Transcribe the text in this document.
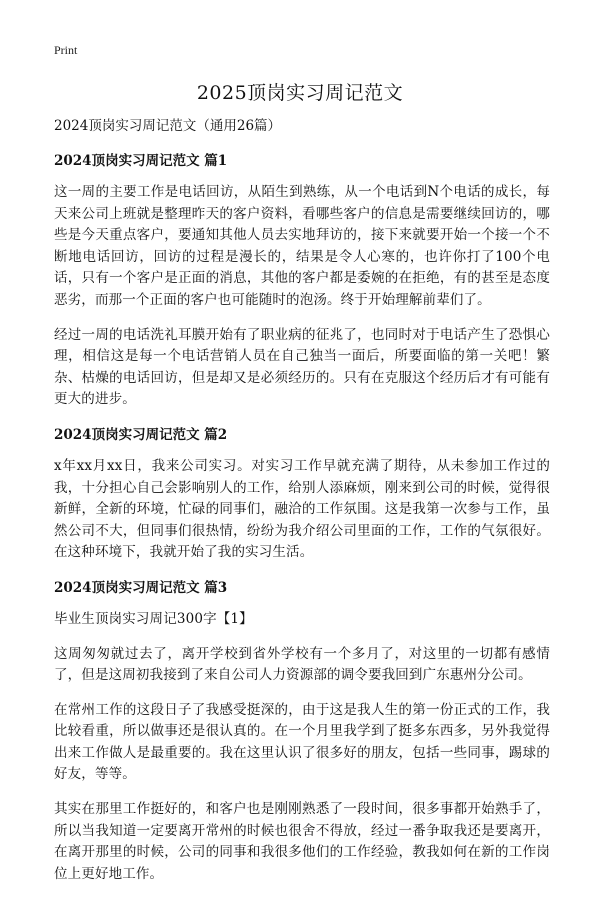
Print
2025顶岗实习周记范文

2024顶岗实习周记范文（通用26篇）

2024顶岗实习周记范文 篇1

这一周的主要工作是电话回访，从陌生到熟练，从一个电话到N个电话的成长，每天来公司上班就是整理昨天的客户资料，看哪些客户的信息是需要继续回访的，哪些是今天重点客户，要通知其他人员去实地拜访的，接下来就要开始一个接一个不断地电话回访，回访的过程是漫长的，结果是令人心寒的，也许你打了100个电话，只有一个客户是正面的消息，其他的客户都是委婉的在拒绝，有的甚至是态度恶劣，而那一个正面的客户也可能随时的泡汤。终于开始理解前辈们了。

经过一周的电话洗礼耳膜开始有了职业病的征兆了，也同时对于电话产生了恐惧心理，相信这是每一个电话营销人员在自己独当一面后，所要面临的第一关吧！繁杂、枯燥的电话回访，但是却又是必须经历的。只有在克服这个经历后才有可能有更大的进步。

2024顶岗实习周记范文 篇2

x年xx月xx日，我来公司实习。对实习工作早就充满了期待，从未参加工作过的我，十分担心自己会影响别人的工作，给别人添麻烦，刚来到公司的时候，觉得很新鲜，全新的环境，忙碌的同事们，融洽的工作氛围。这是我第一次参与工作，虽然公司不大，但同事们很热情，纷纷为我介绍公司里面的工作，工作的气氛很好。在这种环境下，我就开始了我的实习生活。

2024顶岗实习周记范文 篇3

毕业生顶岗实习周记300字【1】

这周匆匆就过去了，离开学校到省外学校有一个多月了，对这里的一切都有感情了，但是这周初我接到了来自公司人力资源部的调令要我回到广东惠州分公司。

在常州工作的这段日子了我感受挺深的，由于这是我人生的第一份正式的工作，我比较看重，所以做事还是很认真的。在一个月里我学到了挺多东西多，另外我觉得出来工作做人是最重要的。我在这里认识了很多好的朋友，包括一些同事，踢球的好友，等等。

其实在那里工作挺好的，和客户也是刚刚熟悉了一段时间，很多事都开始熟手了，所以当我知道一定要离开常州的时候也很舍不得放，经过一番争取我还是要离开，在离开那里的时候，公司的同事和我很多他们的工作经验，教我如何在新的工作岗位上更好地工作。
